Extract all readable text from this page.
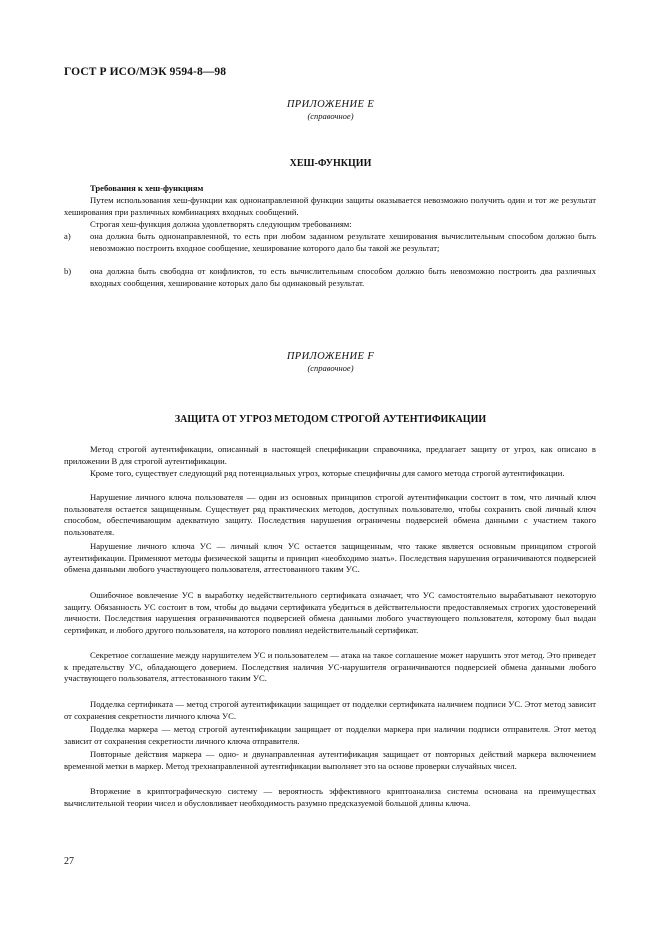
ГОСТ Р ИСО/МЭК 9594-8—98
ПРИЛОЖЕНИЕ E
(справочное)
ХЕШ-ФУНКЦИИ
Требования к хеш-функциям

Путем использования хеш-функции как однонаправленной функции защиты оказывается невозможно получить один и тот же результат хеширования при различных комбинациях входных сообщений.
Строгая хеш-функция должна удовлетворять следующим требованиям:
а)	она должна быть однонаправленной, то есть при любом заданном результате хеширования вычислительным способом должно быть невозможно построить входное сообщение, хеширование которого дало бы такой же результат;
b)	она должна быть свободна от конфликтов, то есть вычислительным способом должно быть невозможно построить два различных входных сообщения, хеширование которых дало бы одинаковый результат.
ПРИЛОЖЕНИЕ F
(справочное)
ЗАЩИТА ОТ УГРОЗ МЕТОДОМ СТРОГОЙ АУТЕНТИФИКАЦИИ
Метод строгой аутентификации, описанный в настоящей спецификации справочника, предлагает защиту от угроз, как описано в приложении B для строгой аутентификации.
Кроме того, существует следующий ряд потенциальных угроз, которые специфичны для самого метода строгой аутентификации.
Нарушение личного ключа пользователя — один из основных принципов строгой аутентификации состоит в том, что личный ключ пользователя остается защищенным. Существует ряд практических методов, доступных пользователю, чтобы сохранить свой личный ключ способом, обеспечивающим адекватную защиту. Последствия нарушения ограничены подверсией обмена данными с участием такого пользователя.
Нарушение личного ключа УС — личный ключ УС остается защищенным, что также является основным принципом строгой аутентификации. Применяют методы физической защиты и принцип «необходимо знать». Последствия нарушения ограничиваются подверсией обмена данными любого участвующего пользователя, аттестованного таким УС.
Ошибочное вовлечение УС в выработку недействительного сертификата означает, что УС самостоятельно вырабатывают некоторую защиту. Обязанность УС состоит в том, чтобы до выдачи сертификата убедиться в действительности предоставляемых строгих удостоверений личности. Последствия нарушения ограничиваются подверсией обмена данными любого участвующего пользователя, которому был выдан сертификат, и любого другого пользователя, на которого повлиял недействительный сертификат.
Секретное соглашение между нарушителем УС и пользователем — атака на такое соглашение может нарушить этот метод. Это приведет к предательству УС, обладающего доверием. Последствия наличия УС-нарушителя ограничиваются подверсией обмена данными любого участвующего пользователя, аттестованного таким УС.
Подделка сертификата — метод строгой аутентификации защищает от подделки сертификата наличием подписи УС. Этот метод зависит от сохранения секретности личного ключа УС.
Подделка маркера — метод строгой аутентификации защищает от подделки маркера при наличии подписи отправителя. Этот метод зависит от сохранения секретности личного ключа отправителя.
Повторные действия маркера — одно- и двунаправленная аутентификация защищает от повторных действий маркера включением временной метки в маркер. Метод трехнаправленной аутентификации выполняет это на основе проверки случайных чисел.
Вторжение в криптографическую систему — вероятность эффективного криптоанализа системы основана на преимуществах вычислительной теории чисел и обусловливает необходимость разумно предсказуемой большой длины ключа.
27
